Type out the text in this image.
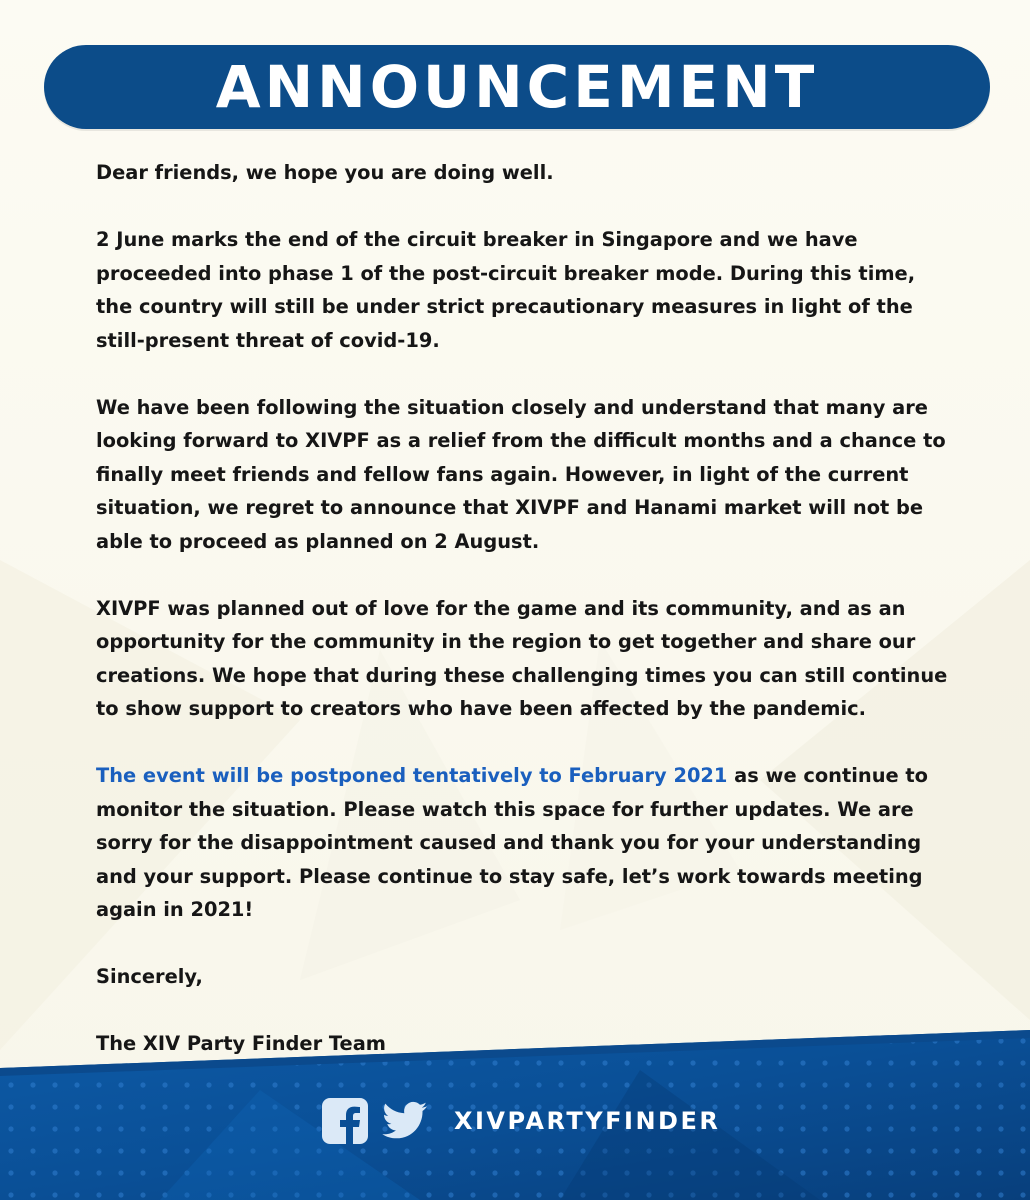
ANNOUNCEMENT

Dear friends, we hope you are doing well.

2 June marks the end of the circuit breaker in Singapore and we have proceeded into phase 1 of the post-circuit breaker mode. During this time, the country will still be under strict precautionary measures in light of the still-present threat of covid-19.

We have been following the situation closely and understand that many are looking forward to XIVPF as a relief from the difficult months and a chance to finally meet friends and fellow fans again. However, in light of the current situation, we regret to announce that XIVPF and Hanami market will not be able to proceed as planned on 2 August.

XIVPF was planned out of love for the game and its community, and as an opportunity for the community in the region to get together and share our creations. We hope that during these challenging times you can still continue to show support to creators who have been affected by the pandemic.

The event will be postponed tentatively to February 2021 as we continue to monitor the situation. Please watch this space for further updates. We are sorry for the disappointment caused and thank you for your understanding and your support. Please continue to stay safe, let’s work towards meeting again in 2021!

Sincerely,

The XIV Party Finder Team

XIVPARTYFINDER
